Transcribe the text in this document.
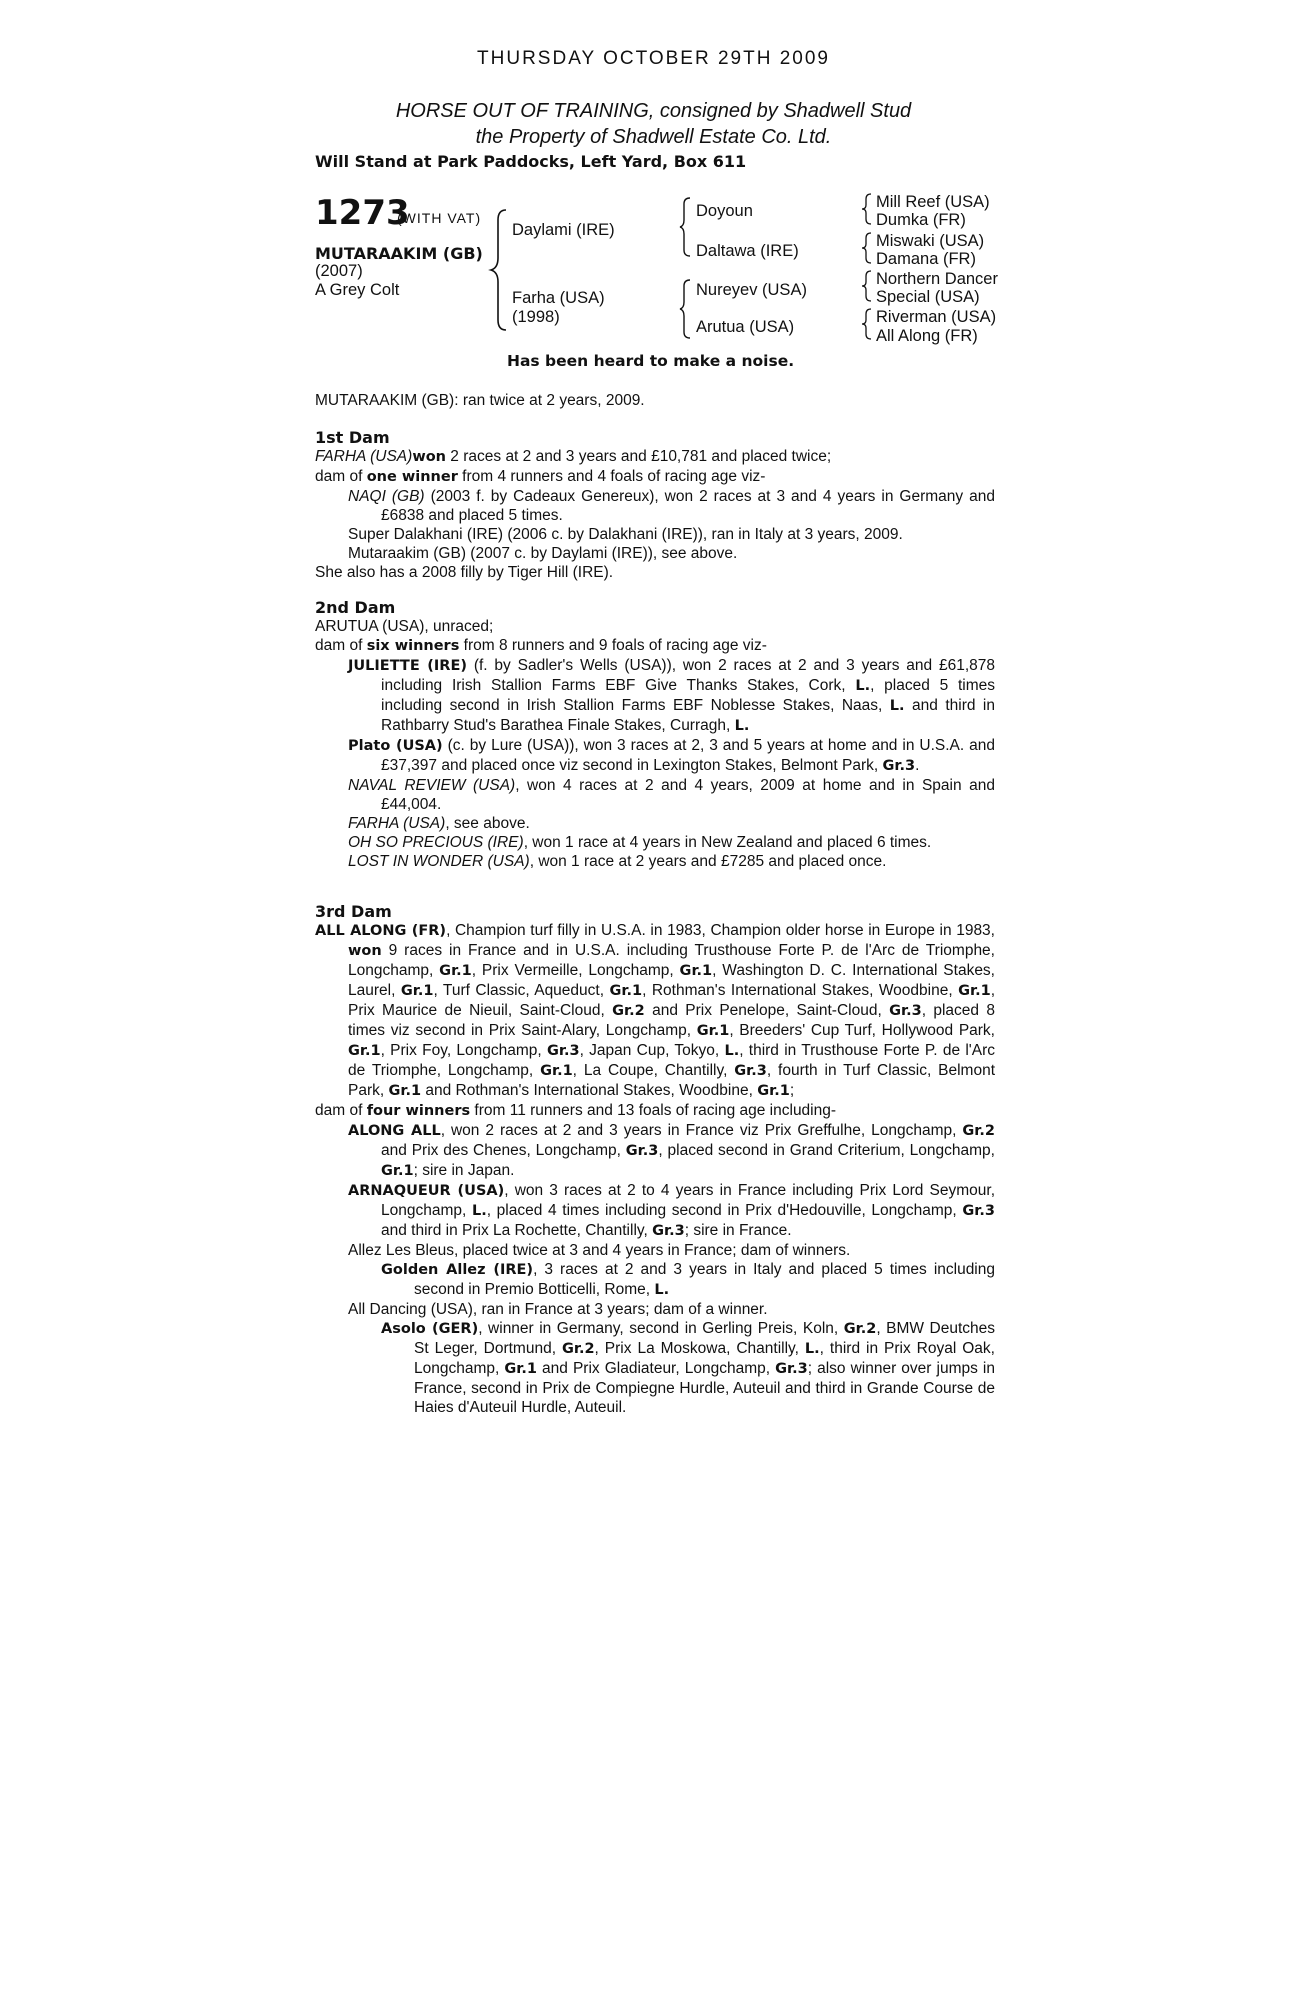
THURSDAY OCTOBER 29TH 2009
HORSE OUT OF TRAINING, consigned by Shadwell Stud
the Property of Shadwell Estate Co. Ltd.
Will Stand at Park Paddocks, Left Yard, Box 611
1273
(WITH VAT)
MUTARAAKIM (GB)
(2007)
A Grey Colt
Daylami (IRE)
Farha (USA)
(1998)
Doyoun
Daltawa (IRE)
Nureyev (USA)
Arutua (USA)
Mill Reef (USA)
Dumka (FR)
Miswaki (USA)
Damana (FR)
Northern Dancer
Special (USA)
Riverman (USA)
All Along (FR)
Has been heard to make a noise.
MUTARAAKIM (GB): ran twice at 2 years, 2009.

1st Dam

FARHA (USA)won 2 races at 2 and 3 years and £10,781 and placed twice;

dam of one winner from 4 runners and 4 foals of racing age viz-

NAQI (GB) (2003 f. by Cadeaux Genereux), won 2 races at 3 and 4 years in Germany and £6838 and placed 5 times.

Super Dalakhani (IRE) (2006 c. by Dalakhani (IRE)), ran in Italy at 3 years, 2009.

Mutaraakim (GB) (2007 c. by Daylami (IRE)), see above.

She also has a 2008 filly by Tiger Hill (IRE).

2nd Dam

ARUTUA (USA), unraced;

dam of six winners from 8 runners and 9 foals of racing age viz-

JULIETTE (IRE) (f. by Sadler's Wells (USA)), won 2 races at 2 and 3 years and £61,878 including Irish Stallion Farms EBF Give Thanks Stakes, Cork, L., placed 5 times including second in Irish Stallion Farms EBF Noblesse Stakes, Naas, L. and third in Rathbarry Stud's Barathea Finale Stakes, Curragh, L.

Plato (USA) (c. by Lure (USA)), won 3 races at 2, 3 and 5 years at home and in U.S.A. and £37,397 and placed once viz second in Lexington Stakes, Belmont Park, Gr.3.

NAVAL REVIEW (USA), won 4 races at 2 and 4 years, 2009 at home and in Spain and £44,004.

FARHA (USA), see above.

OH SO PRECIOUS (IRE), won 1 race at 4 years in New Zealand and placed 6 times.

LOST IN WONDER (USA), won 1 race at 2 years and £7285 and placed once.

3rd Dam

ALL ALONG (FR), Champion turf filly in U.S.A. in 1983, Champion older horse in Europe in 1983, won 9 races in France and in U.S.A. including Trusthouse Forte P. de l'Arc de Triomphe, Longchamp, Gr.1, Prix Vermeille, Longchamp, Gr.1, Washington D. C. International Stakes, Laurel, Gr.1, Turf Classic, Aqueduct, Gr.1, Rothman's International Stakes, Woodbine, Gr.1, Prix Maurice de Nieuil, Saint-Cloud, Gr.2 and Prix Penelope, Saint-Cloud, Gr.3, placed 8 times viz second in Prix Saint-Alary, Longchamp, Gr.1, Breeders' Cup Turf, Hollywood Park, Gr.1, Prix Foy, Longchamp, Gr.3, Japan Cup, Tokyo, L., third in Trusthouse Forte P. de l'Arc de Triomphe, Longchamp, Gr.1, La Coupe, Chantilly, Gr.3, fourth in Turf Classic, Belmont Park, Gr.1 and Rothman's International Stakes, Woodbine, Gr.1;

dam of four winners from 11 runners and 13 foals of racing age including-

ALONG ALL, won 2 races at 2 and 3 years in France viz Prix Greffulhe, Longchamp, Gr.2 and Prix des Chenes, Longchamp, Gr.3, placed second in Grand Criterium, Longchamp, Gr.1; sire in Japan.

ARNAQUEUR (USA), won 3 races at 2 to 4 years in France including Prix Lord Seymour, Longchamp, L., placed 4 times including second in Prix d'Hedouville, Longchamp, Gr.3 and third in Prix La Rochette, Chantilly, Gr.3; sire in France.

Allez Les Bleus, placed twice at 3 and 4 years in France; dam of winners.

Golden Allez (IRE), 3 races at 2 and 3 years in Italy and placed 5 times including second in Premio Botticelli, Rome, L.

All Dancing (USA), ran in France at 3 years; dam of a winner.

Asolo (GER), winner in Germany, second in Gerling Preis, Koln, Gr.2, BMW Deutches St Leger, Dortmund, Gr.2, Prix La Moskowa, Chantilly, L., third in Prix Royal Oak, Longchamp, Gr.1 and Prix Gladiateur, Longchamp, Gr.3; also winner over jumps in France, second in Prix de Compiegne Hurdle, Auteuil and third in Grande Course de Haies d'Auteuil Hurdle, Auteuil.
